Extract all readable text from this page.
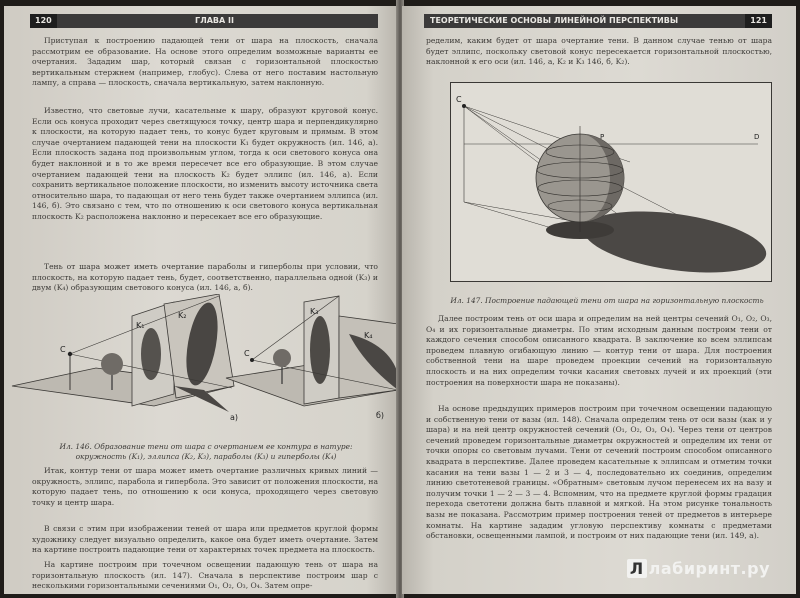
120	ГЛАВА II

Приступая к построению падающей тени от шара на плоскость, сначала рассмотрим ее образование. На основе этого определим возможные варианты ее очертания. Зададим шар, который связан с горизонтальной плоскостью вертикальным стержнем (например, глобус). Слева от него поставим настольную лампу, а справа — плоскость, сначала вертикальную, затем наклонную.

Известно, что световые лучи, касательные к шару, образуют круговой конус. Если ось конуса проходит через светящуюся точку, центр шара и перпендикулярно к плоскости, на которую падает тень, то конус будет круговым и прямым. В этом случае очертанием падающей тени на плоскости K₁ будет окружность (ил. 146, а). Если плоскость задана под произвольным углом, тогда к оси светового конуса она будет наклонной и в то же время пересечет все его образующие. В этом случае очертанием падающей тени на плоскость K₂ будет эллипс (ил. 146, а). Если сохранить вертикальное положение плоскости, но изменить высоту источника света относительно шара, то падающая от него тень будет также очертанием эллипса (ил. 146, б). Это связано с тем, что по отношению к оси светового конуса вертикальная плоскость K₂ расположена наклонно и пересекает все его образующие.

Тень от шара может иметь очертание параболы и гиперболы при условии, что плоскость, на которую падает тень, будет, соответственно, параллельна одной (K₃) и двум (K₄) образующим светового конуса (ил. 146, а, б).

C
K₁
K₂
а)
C
K₃
K₄
б)

Ил. 146. Образование тени от шара с очертанием ее контура в натуре: окружность (K₁), эллипса (K₂, K₃), параболы (K₃) и гиперболы (K₄)

Итак, контур тени от шара может иметь очертание различных кривых линий — окружность, эллипс, парабола и гипербола. Это зависит от положения плоскости, на которую падает тень, по отношению к оси конуса, проходящего через световую точку и центр шара.

В связи с этим при изображении теней от шара или предметов круглой формы художнику следует визуально определить, какое она будет иметь очертание. Затем на картине построить падающие тени от характерных точек предмета на плоскость.

На картине построим при точечном освещении падающую тень от шара на горизонтальную плоскость (ил. 147). Сначала в перспективе построим шар с несколькими горизонтальными сечениями O₁, O₂, O₃, O₄. Затем опре-

ТЕОРЕТИЧЕСКИЕ ОСНОВЫ ЛИНЕЙНОЙ ПЕРСПЕКТИВЫ	121

ределим, каким будет от шара очертание тени. В данном случае тенью от шара будет эллипс, поскольку световой конус пересекается горизонтальной плоскостью, наклонной к его оси (ил. 146, а, K₂ и K₃ 146, б, K₂).

C
P	D

Ил. 147. Построение падающей тени от шара на горизонтальную плоскость

Далее построим тень от оси шара и определим на ней центры сечений O₁, O₂, O₃, O₄ и их горизонтальные диаметры. По этим исходным данным построим тени от каждого сечения способом описанного квадрата. В заключение ко всем эллипсам проведем плавную огибающую линию — контур тени от шара. Для построения собственной тени на шаре проведем проекции сечений на горизонтальную плоскость и на них определим точки касания световых лучей и их проекций (эти построения на поверхности шара не показаны).

На основе предыдущих примеров построим при точечном освещении падающую и собственную тени от вазы (ил. 148). Сначала определим тень от оси вазы (как и у шара) и на ней центр окружностей сечений (O₁, O₂, O₃, O₄). Через тени от центров сечений проведем горизонтальные диаметры окружностей и определим их тени от точки опоры со световым лучами. Тени от сечений построим способом описанного квадрата в перспективе. Далее проведем касательные к эллипсам и отметим точки касания на тени вазы 1 — 2 и 3 — 4, последовательно их соединив, определим линию светотеневой границы. «Обратным» световым лучом перенесем их на вазу и получим точки 1 — 2 — 3 — 4. Вспомним, что на предмете круглой формы градация перехода светотени должна быть плавной и мягкой. На этом рисунке тональность вазы не показана. Рассмотрим пример построения теней от предметов в интерьере комнаты. На картине зададим угловую перспективу комнаты с предметами обстановки, освещенными лампой, и построим от них падающие тени (ил. 149, а).

Л лабиринт.ру
